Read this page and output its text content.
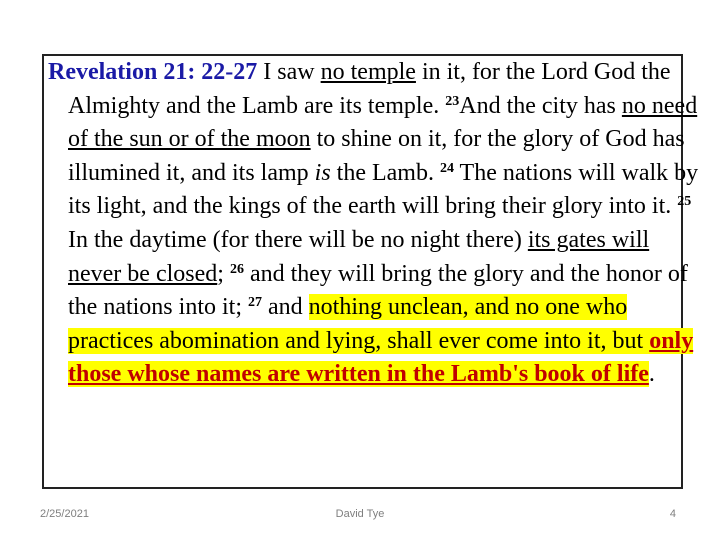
Revelation 21: 22-27 I saw no temple in it, for the Lord God the Almighty and the Lamb are its temple. $^{23}$And the city has no need of the sun or of the moon to shine on it, for the glory of God has illumined it, and its lamp is the Lamb. $^{24}$ The nations will walk by its light, and the kings of the earth will bring their glory into it. $^{25}$ In the daytime (for there will be no night there) its gates will never be closed; $^{26}$ and they will bring the glory and the honor of the nations into it; $^{27}$ and nothing unclean, and no one who practices abomination and lying, shall ever come into it, but only those whose names are written in the Lamb's book of life.

2/25/2021	David Tye	4
